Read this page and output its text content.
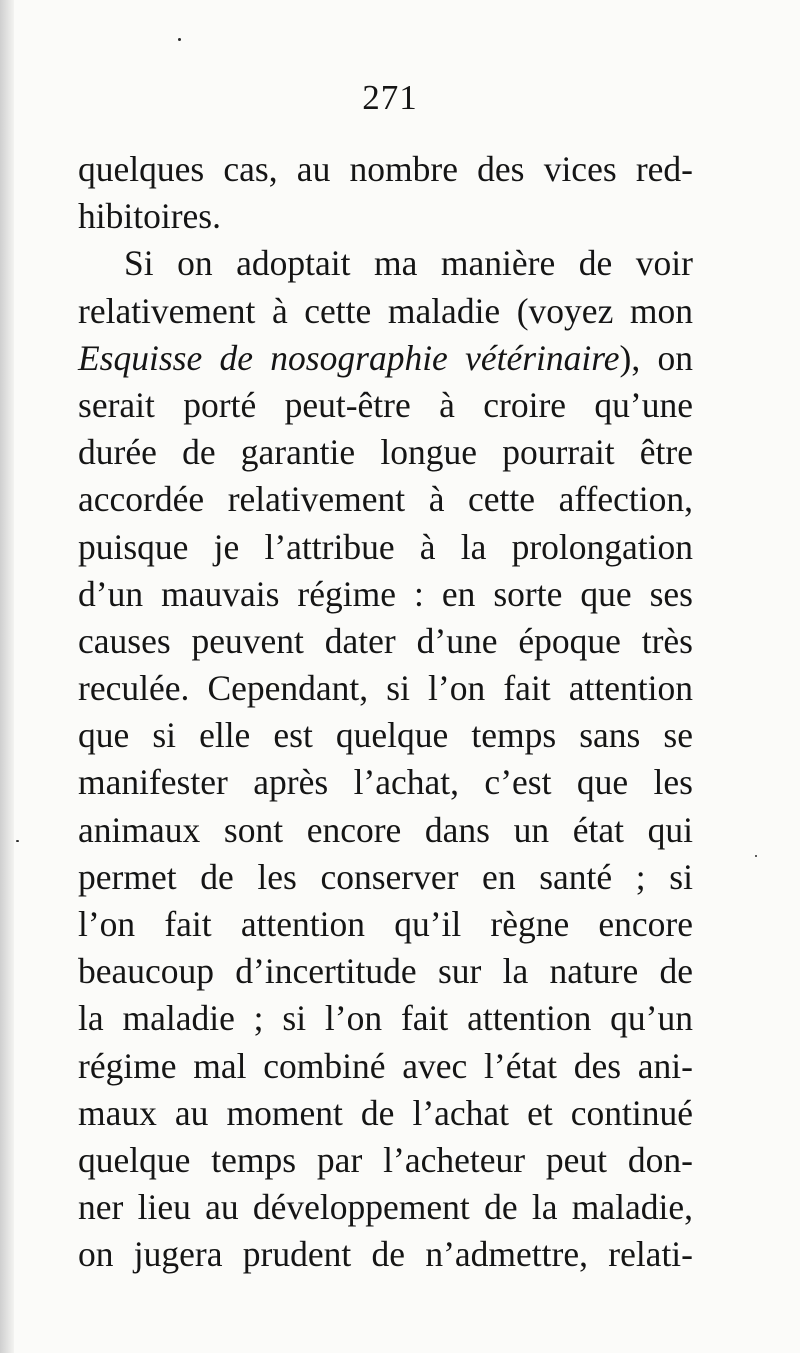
271
quelques cas, au nombre des vices red-
hibitoires.
Si on adoptait ma manière de voir
relativement à cette maladie (voyez mon
Esquisse de nosographie vétérinaire), on
serait porté peut-être à croire qu’une
durée de garantie longue pourrait être
accordée relativement à cette affection,
puisque je l’attribue à la prolongation
d’un mauvais régime : en sorte que ses
causes peuvent dater d’une époque très
reculée. Cependant, si l’on fait attention
que si elle est quelque temps sans se
manifester après l’achat, c’est que les
animaux sont encore dans un état qui
permet de les conserver en santé ; si
l’on fait attention qu’il règne encore
beaucoup d’incertitude sur la nature de
la maladie ; si l’on fait attention qu’un
régime mal combiné avec l’état des ani-
maux au moment de l’achat et continué
quelque temps par l’acheteur peut don-
ner lieu au développement de la maladie,
on jugera prudent de n’admettre, relati-
